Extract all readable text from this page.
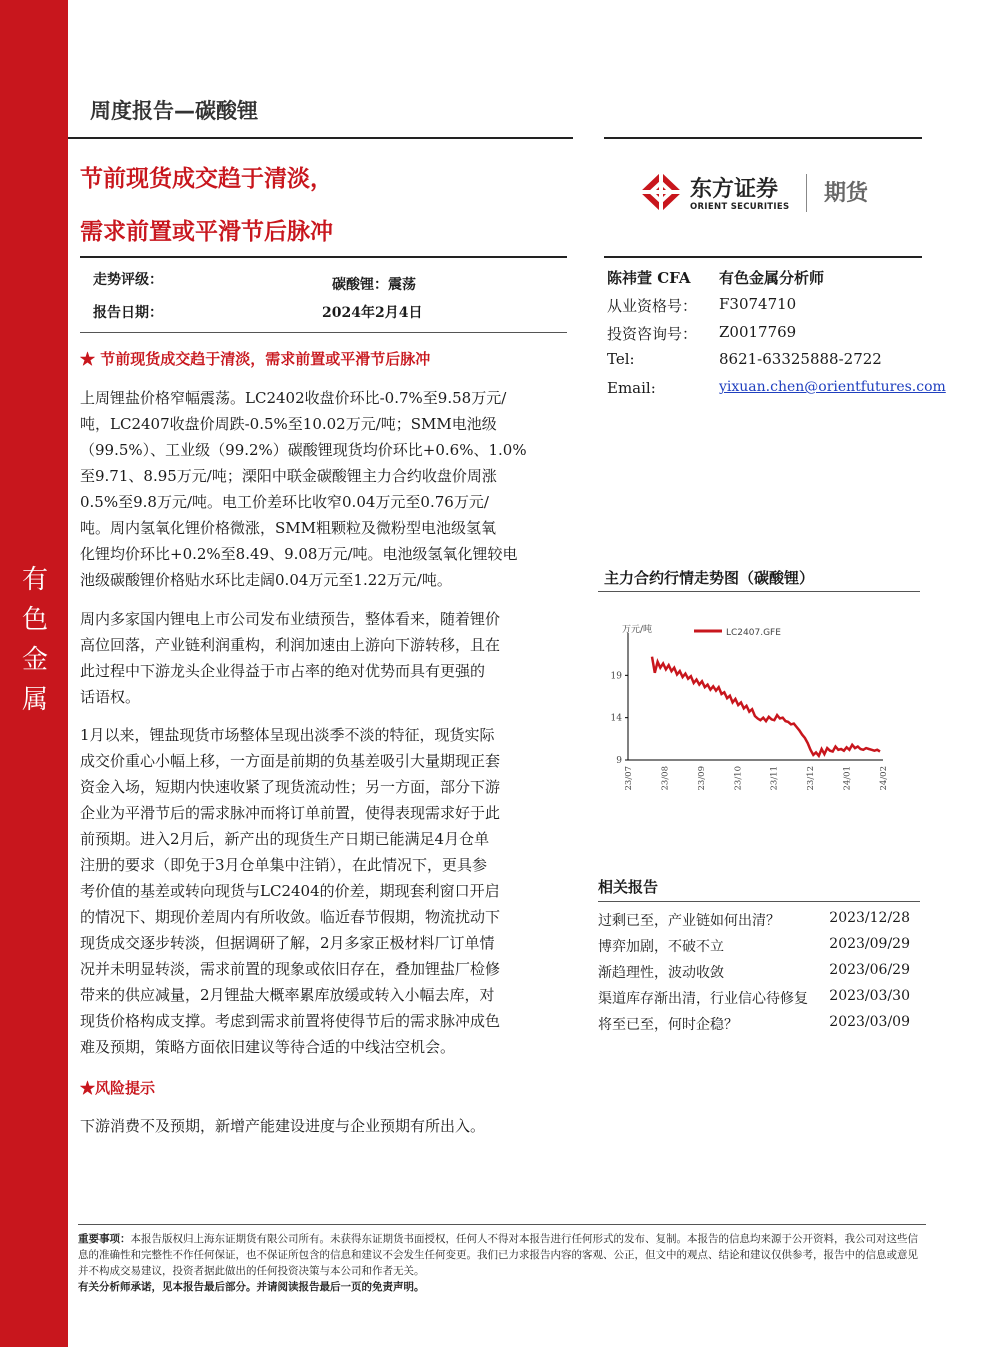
有
色
金
属
周度报告—碳酸锂
节前现货成交趋于清淡，
需求前置或平滑节后脉冲
东方证券
ORIENT SECURITIES
期货
走势评级：	碳酸锂：震荡
报告日期：	2024年2月4日
陈祎萱 CFA 有色金属分析师
从业资格号： F3074710
投资咨询号： Z0017769
Tel:	8621-63325888-2722
Email:	yixuan.chen@orientfutures.com
★ 节前现货成交趋于清淡，需求前置或平滑节后脉冲
上周锂盐价格窄幅震荡。LC2402收盘价环比-0.7%至9.58万元/
吨，LC2407收盘价周跌-0.5%至10.02万元/吨；SMM电池级
（99.5%）、工业级（99.2%）碳酸锂现货均价环比+0.6%、1.0%
至9.71、8.95万元/吨；溧阳中联金碳酸锂主力合约收盘价周涨
0.5%至9.8万元/吨。电工价差环比收窄0.04万元至0.76万元/
吨。周内氢氧化锂价格微涨，SMM粗颗粒及微粉型电池级氢氧
化锂均价环比+0.2%至8.49、9.08万元/吨。电池级氢氧化锂较电
池级碳酸锂价格贴水环比走阔0.04万元至1.22万元/吨。
周内多家国内锂电上市公司发布业绩预告，整体看来，随着锂价
高位回落，产业链利润重构，利润加速由上游向下游转移，且在
此过程中下游龙头企业得益于市占率的绝对优势而具有更强的
话语权。
1月以来，锂盐现货市场整体呈现出淡季不淡的特征，现货实际
成交价重心小幅上移，一方面是前期的负基差吸引大量期现正套
资金入场，短期内快速收紧了现货流动性；另一方面，部分下游
企业为平滑节后的需求脉冲而将订单前置，使得表现需求好于此
前预期。进入2月后，新产出的现货生产日期已能满足4月仓单
注册的要求（即免于3月仓单集中注销），在此情况下，更具参
考价值的基差或转向现货与LC2404的价差，期现套利窗口开启
的情况下、期现价差周内有所收敛。临近春节假期，物流扰动下
现货成交逐步转淡，但据调研了解，2月多家正极材料厂订单情
况并未明显转淡，需求前置的现象或依旧存在，叠加锂盐厂检修
带来的供应减量，2月锂盐大概率累库放缓或转入小幅去库，对
现货价格构成支撑。考虑到需求前置将使得节后的需求脉冲成色
难及预期，策略方面依旧建议等待合适的中线沽空机会。
★风险提示
下游消费不及预期，新增产能建设进度与企业预期有所出入。
主力合约行情走势图（碳酸锂）
万元/吨
9
14
19
23/07	23/08	23/09	23/10	23/11	23/12	24/01	24/02
LC2407.GFE
相关报告
过剩已至，产业链如何出清？	2023/12/28
博弈加剧，不破不立	2023/09/29
渐趋理性，波动收敛	2023/06/29
渠道库存渐出清，行业信心待修复 2023/03/30
将至已至，何时企稳？	2023/03/09
重要事项：本报告版权归上海东证期货有限公司所有。未获得东证期货书面授权，任何人不得对本报告进行任何形式的发布、复制。本报告的信息均来源于公开资料，我公司对这些信息的准确性和完整性不作任何保证，也不保证所包含的信息和建议不会发生任何变更。我们已力求报告内容的客观、公正，但文中的观点、结论和建议仅供参考，报告中的信息或意见并不构成交易建议，投资者据此做出的任何投资决策与本公司和作者无关。
有关分析师承诺，见本报告最后部分。并请阅读报告最后一页的免责声明。
